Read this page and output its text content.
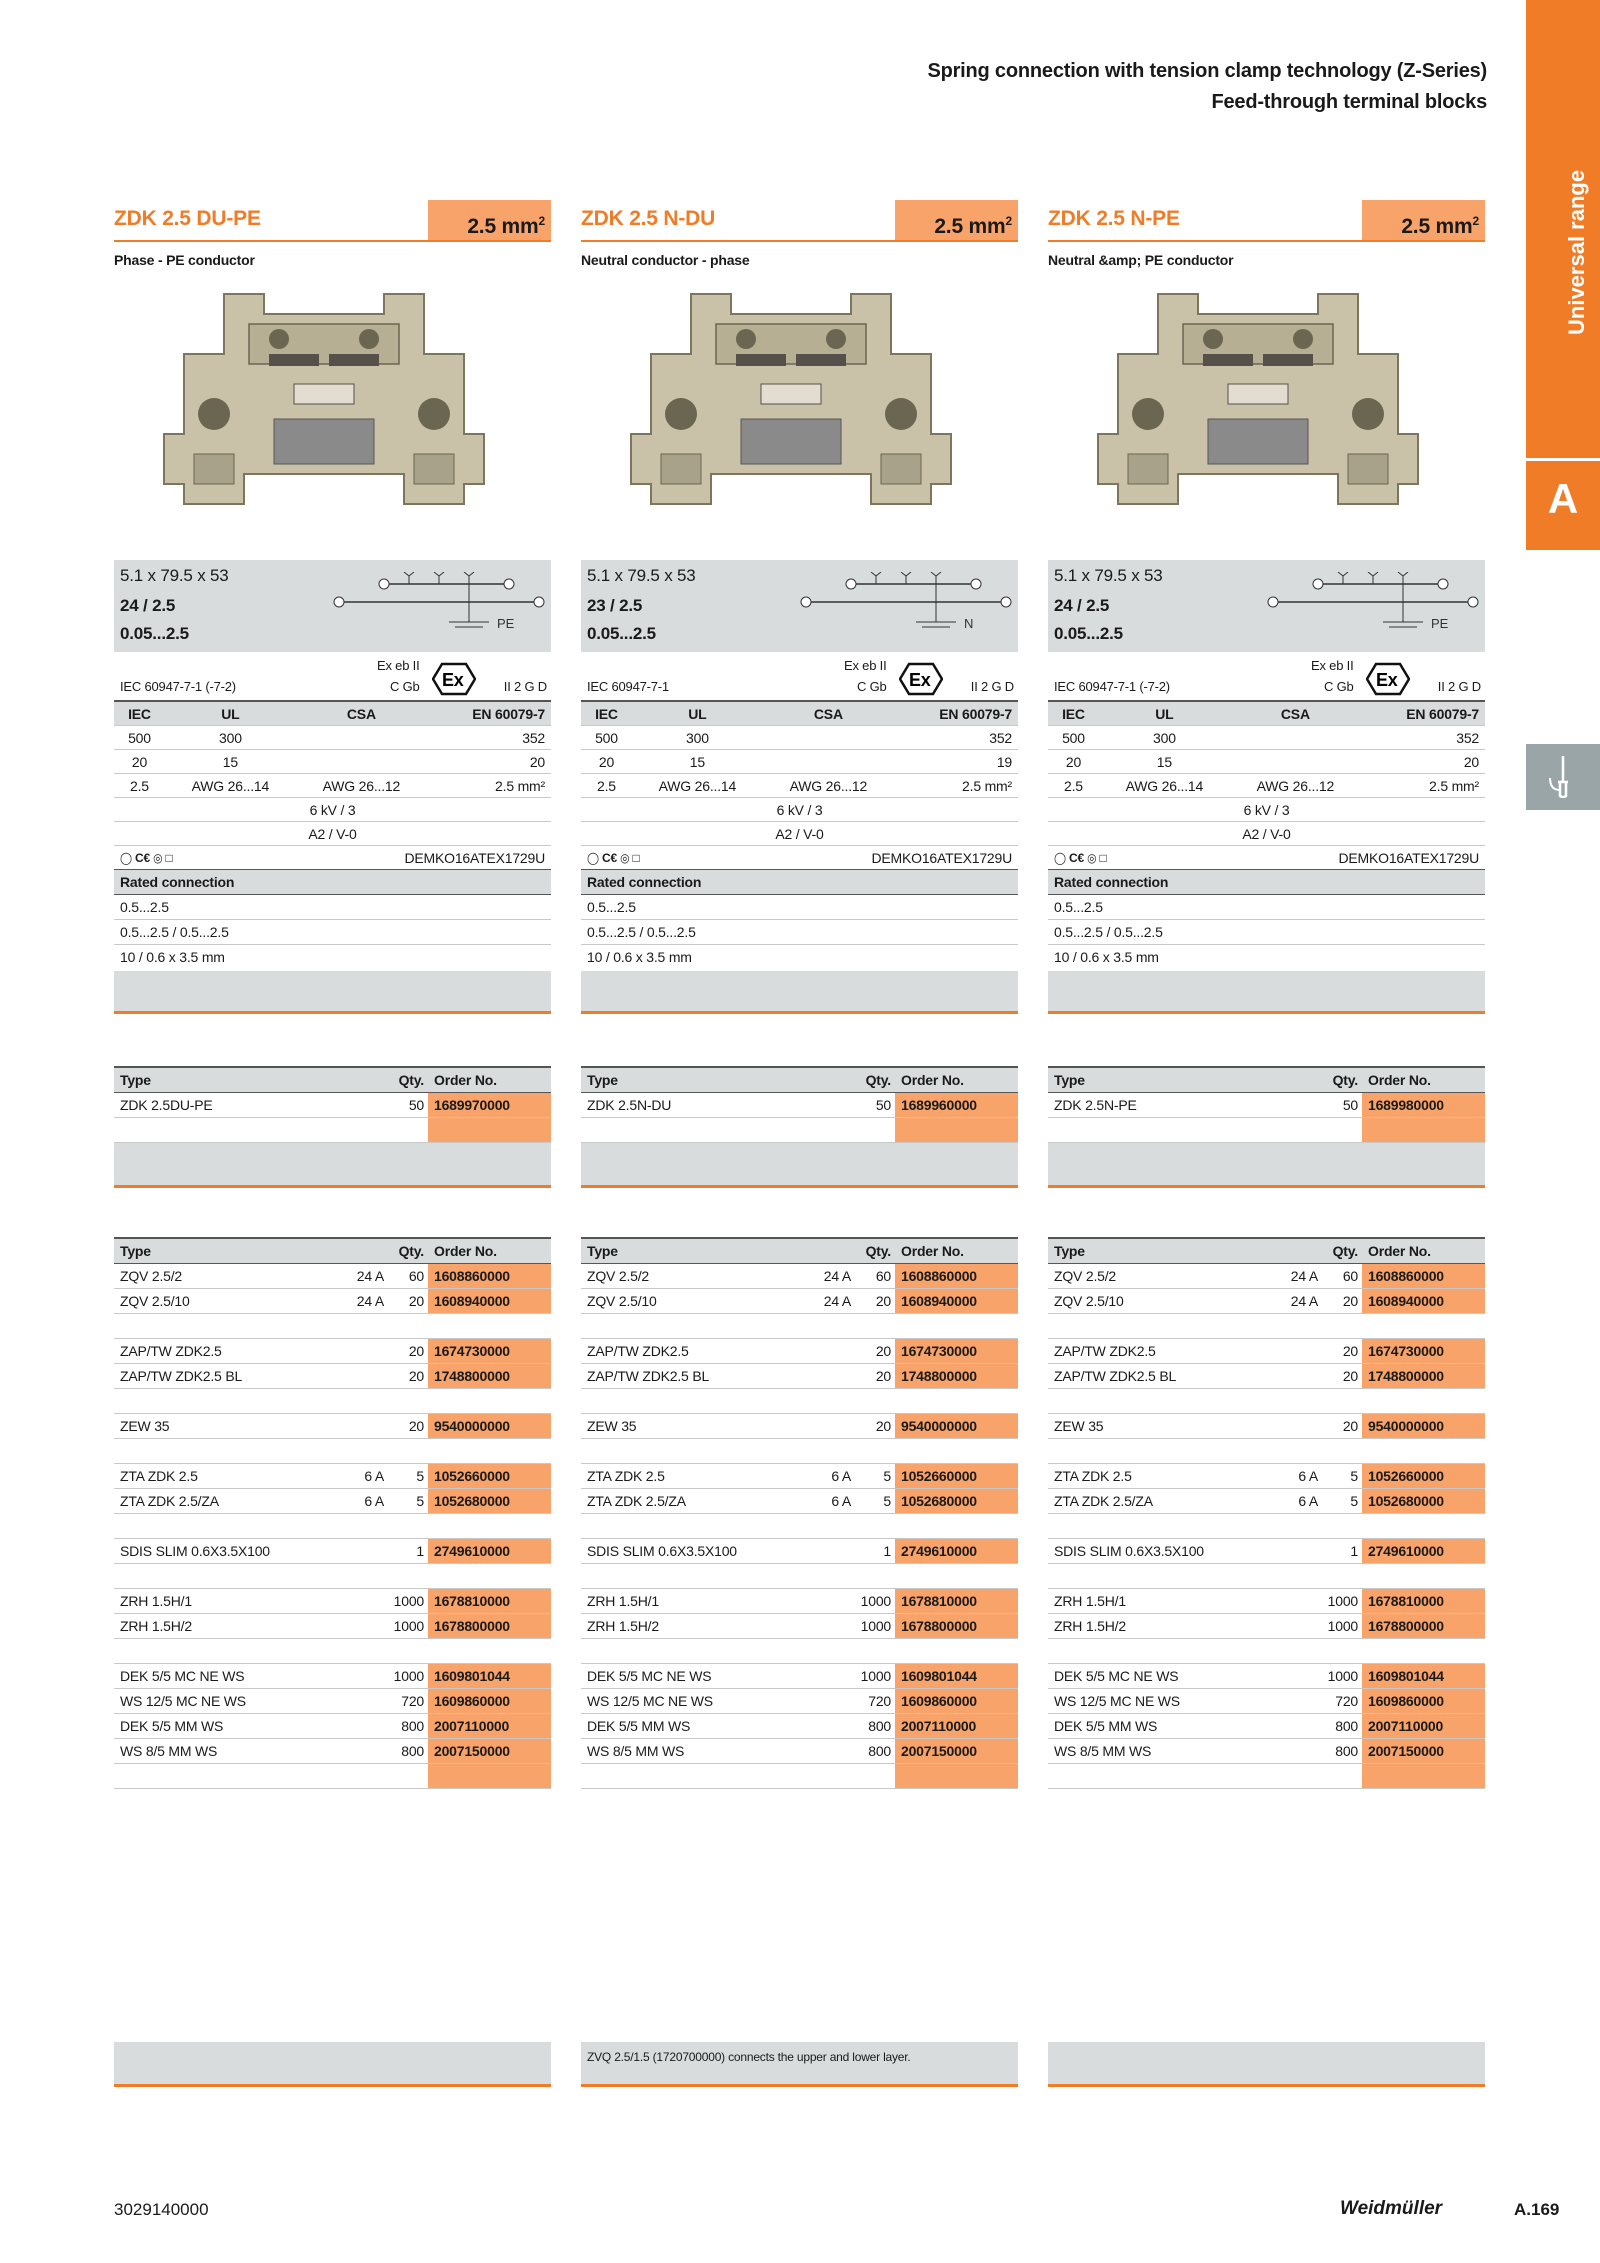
Spring connection with tension clamp technology (Z-Series)
Feed-through terminal blocks
Universal range
A
ZDK 2.5 DU-PE	2.5 $mm^2$
Phase - PE conductor
5.1 x 79.5 x 53
24 / 2.5
0.05...2.5
PE
Ex eb II
IEC 60947-7-1 (-7-2)	C Gb Ex	II 2 G D
IEC	UL	CSA	EN 60079-7
500	300		352
20	15		20
2.5	AWG 26...14	AWG 26...12	2.5 mm²
6 kV / 3			
A2 / V-0			
◯ C€ ◎ □		DEMKO16ATEX1729U	
Rated connection
0.5...2.5
0.5...2.5 / 0.5...2.5
10 / 0.6 x 3.5 mm
Type	Qty. Order No.
ZDK 2.5DU-PE	50 1689970000
Type	Qty. Order No.
ZQV 2.5/2	24 A	60 1608860000
ZQV 2.5/10	24 A	20 1608940000
ZAP/TW ZDK2.5	20 1674730000
ZAP/TW ZDK2.5 BL	20 1748800000
ZEW 35	20 9540000000
ZTA ZDK 2.5	6 A	5 1052660000
ZTA ZDK 2.5/ZA	6 A	5 1052680000
SDIS SLIM 0.6X3.5X100	1 2749610000
ZRH 1.5H/1	1000 1678810000
ZRH 1.5H/2	1000 1678800000
DEK 5/5 MC NE WS	1000 1609801044
WS 12/5 MC NE WS	720 1609860000
DEK 5/5 MM WS	800 2007110000
WS 8/5 MM WS	800 2007150000
ZDK 2.5 N-DU	2.5 $mm^2$
Neutral conductor - phase
5.1 x 79.5 x 53
23 / 2.5
0.05...2.5
N
Ex eb II
IEC 60947-7-1	C Gb Ex	II 2 G D
IEC	UL	CSA	EN 60079-7
500	300		352
20	15		19
2.5	AWG 26...14	AWG 26...12	2.5 mm²
6 kV / 3			
A2 / V-0			
◯ C€ ◎ □		DEMKO16ATEX1729U	
Rated connection
0.5...2.5
0.5...2.5 / 0.5...2.5
10 / 0.6 x 3.5 mm
Type	Qty. Order No.
ZDK 2.5N-DU	50 1689960000
Type	Qty. Order No.
ZQV 2.5/2	24 A	60 1608860000
ZQV 2.5/10	24 A	20 1608940000
ZAP/TW ZDK2.5	20 1674730000
ZAP/TW ZDK2.5 BL	20 1748800000
ZEW 35	20 9540000000
ZTA ZDK 2.5	6 A	5 1052660000
ZTA ZDK 2.5/ZA	6 A	5 1052680000
SDIS SLIM 0.6X3.5X100	1 2749610000
ZRH 1.5H/1	1000 1678810000
ZRH 1.5H/2	1000 1678800000
DEK 5/5 MC NE WS	1000 1609801044
WS 12/5 MC NE WS	720 1609860000
DEK 5/5 MM WS	800 2007110000
WS 8/5 MM WS	800 2007150000
ZVQ 2.5/1.5 (1720700000) connects the upper and lower layer.
ZDK 2.5 N-PE	2.5 $mm^2$
Neutral &amp; PE conductor
5.1 x 79.5 x 53
24 / 2.5
0.05...2.5
PE
Ex eb II
IEC 60947-7-1 (-7-2)	C Gb Ex	II 2 G D
IEC	UL	CSA	EN 60079-7
500	300		352
20	15		20
2.5	AWG 26...14	AWG 26...12	2.5 mm²
6 kV / 3			
A2 / V-0			
◯ C€ ◎ □		DEMKO16ATEX1729U	
Rated connection
0.5...2.5
0.5...2.5 / 0.5...2.5
10 / 0.6 x 3.5 mm
Type	Qty. Order No.
ZDK 2.5N-PE	50 1689980000
Type	Qty. Order No.
ZQV 2.5/2	24 A	60 1608860000
ZQV 2.5/10	24 A	20 1608940000
ZAP/TW ZDK2.5	20 1674730000
ZAP/TW ZDK2.5 BL	20 1748800000
ZEW 35	20 9540000000
ZTA ZDK 2.5	6 A	5 1052660000
ZTA ZDK 2.5/ZA	6 A	5 1052680000
SDIS SLIM 0.6X3.5X100	1 2749610000
ZRH 1.5H/1	1000 1678810000
ZRH 1.5H/2	1000 1678800000
DEK 5/5 MC NE WS	1000 1609801044
WS 12/5 MC NE WS	720 1609860000
DEK 5/5 MM WS	800 2007110000
WS 8/5 MM WS	800 2007150000
3029140000	Weidmüller	A.169
